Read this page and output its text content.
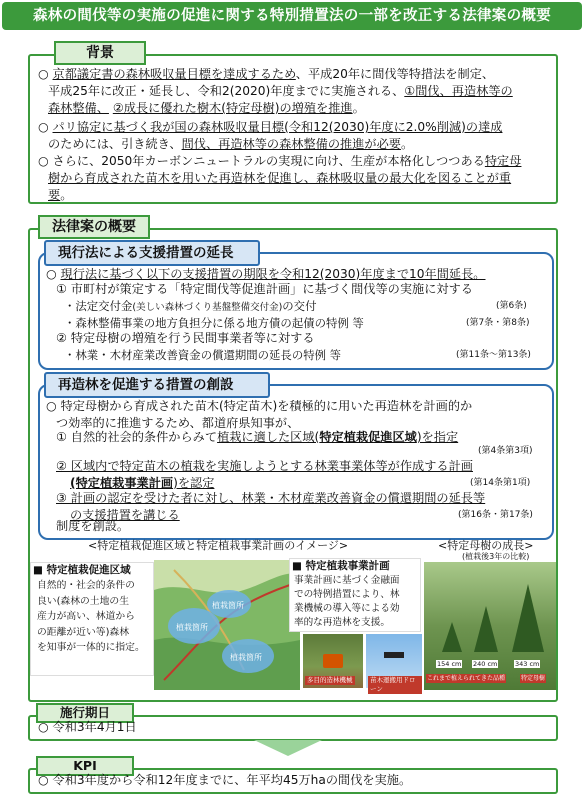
森林の間伐等の実施の促進に関する特別措置法の一部を改正する法律案の概要
背景
○ 京都議定書の森林吸収量目標を達成するため、平成20年に間伐等特措法を制定、
平成25年に改正・延長し、令和2(2020)年度までに実施される、①間伐、再造林等の
森林整備、 ②成長に優れた樹木(特定母樹)の増殖を推進。
○ パリ協定に基づく我が国の森林吸収量目標(令和12(2030)年度に2.0%削減)の達成
のためには、引き続き、間伐、再造林等の森林整備の推進が必要。
○ さらに、2050年カーボンニュートラルの実現に向け、生産が本格化しつつある特定母
樹から育成された苗木を用いた再造林を促進し、森林吸収量の最大化を図ることが重
要。
法律案の概要
現行法による支援措置の延長
○ 現行法に基づく以下の支援措置の期限を令和12(2030)年度まで10年間延長。
① 市町村が策定する「特定間伐等促進計画」に基づく間伐等の実施に対する
・法定交付金(美しい森林づくり基盤整備交付金)の交付	(第6条)
・森林整備事業の地方負担分に係る地方債の起債の特例 等	(第7条・第8条)
② 特定母樹の増殖を行う民間事業者等に対する
・林業・木材産業改善資金の償還期間の延長の特例 等	(第11条～第13条)
再造林を促進する措置の創設
○ 特定母樹から育成された苗木(特定苗木)を積極的に用いた再造林を計画的か
つ効率的に推進するため、都道府県知事が、
① 自然的社会的条件からみて植栽に適した区域(特定植栽促進区域)を指定
(第4条第3項)
② 区域内で特定苗木の植栽を実施しようとする林業事業体等が作成する計画
(特定植栽事業計画)を認定	(第14条第1項)
③ 計画の認定を受けた者に対し、林業・木材産業改善資金の償還期間の延長等
の支援措置を講じる	(第16条・第17条)
制度を創設。
<特定植栽促進区域と特定植栽事業計画のイメージ>	<特定母樹の成長>
(植栽後3年の比較)
植栽箇所
植栽箇所
植栽箇所
■ 特定植栽促進区域
自然的・社会的条件の
良い(森林の土地の生
産力が高い、林道から
の距離が近い等)森林
を知事が一体的に指定。
■ 特定植栽事業計画
事業計画に基づく金融面
での特例措置により、林
業機械の導入等による効
率的な再造林を支援。
多目的造林機械	苗木運搬用ドローン
154 cm 240 cm	343 cm
これまで植えられてきた品種	特定母樹
施行期日
○ 令和3年4月1日
KPI
○ 令和3年度から令和12年度までに、年平均45万haの間伐を実施。
